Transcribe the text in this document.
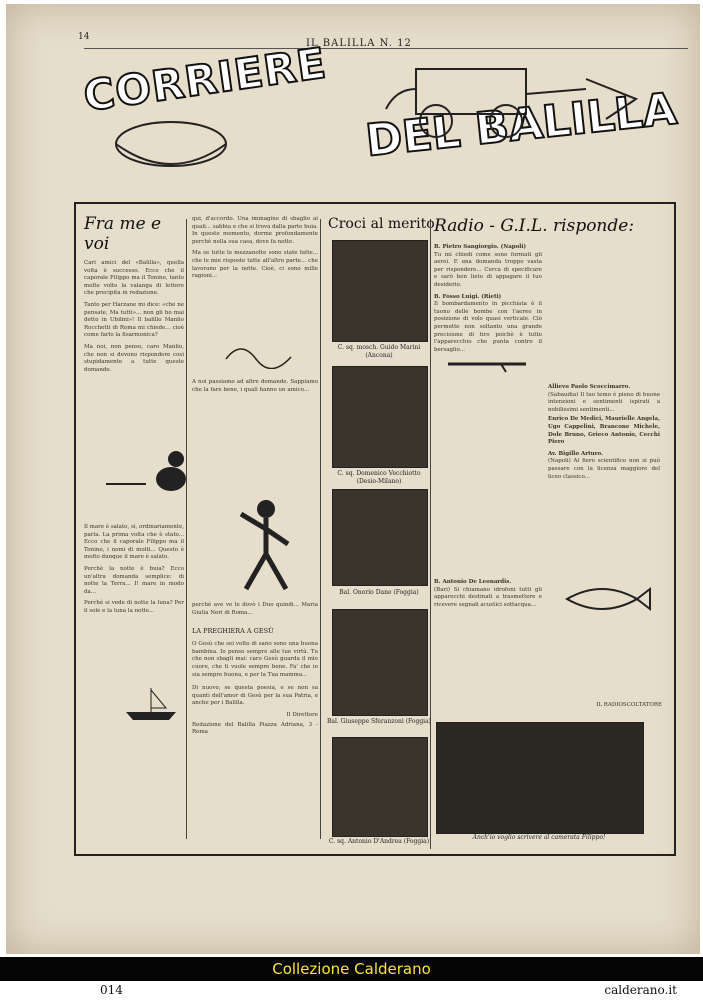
14
IL BALILLA N. 12
CORRIERE
DEL BALILLA
Fra me e voi

Cari amici del «Balilla», quella volta è successo. Ecco che il caporale Filippo ma il Tonino, tanto molte volte la valanga di lettere che precipita in redazione.

Tanto per Harzane mi dice: «che ne pensate, Ma tutti»... non gli ho mai detto in Ubilmi»! Il balillo Manlio Rocchetti di Roma mi chiede... cioè come farlo la fisarmonica?

Ma noi, non penso, caro Manlio, che non si devono rispondere cosi stupidamente a tutte queste domande.

Il mare è salato, si, ordinariamente, parla. La prima volta che è stato... Ecco che il caporale Filippo ma il Tonino, i nomi di molti... Questo è molto dunque il mare è salato.

Perchè la notte è buia? Ecco un'altra domanda semplice: di notte la Terra... I! mare in modo da...

Perchè si vede di notte la luna? Per il sole e la luna la notte...

qui, d'accordo. Una immagine di sbaglio ai quali... sabbia e che si trova dalla parte buia. In questo momento, dorme profondamente perchè nella sua casa, dove fa notte.

Ma se tutte le mezzanotte sono state fatte... che le mie risposte tutte all'altro parte... che lavorano per la notte. Cioè, ci sono mille ragioni...

A noi passiamo ad altre domande. Sappiamo che la fare bene, i quali hanno un amico...

perchè ave ve le dovò i Duo quindi... Maria Giulia Neri di Roma...

LA PREGHIERA A GESÙ

O Gesù che sei volto di sano sono una buona bambina. Io penso sempre alle tue virtù. Tu che non sbagli mai: caro Gesù guarda il mio cuore, che ti vuole sempre bene. Fa' che io sia sempre buona, e per la Tua mamma...

Di nuovo, se questa poesia, e se non sa quanti dell'amor di Gesù per la sua Patria, e anche per i Balilla.

Il Direttore
Redazione del Balilla Piazza Adriana, 3 - Roma
Croci al merito
C. sq. mosch. Guido Marini (Ancona)
C. sq. Domenico Vecchiotto (Desio-Milano)
Bal. Onorio Dane (Foggia)
Bal. Giuseppe Sferanzoni (Foggia)
C. sq. Antonio D'Andrea (Foggia)
Radio - G.I.L. risponde:
B. Pietro Sangiorgio. (Napoli)
Tu mi chiedi come sono formati gli aerei. E una domanda troppo vasta per rispondere... Cerca di specificare e sarò ben lieto di appagare il tuo desiderio.
B. Fosso Luigi. (Rieti)
Il bombardamento in picchiata è il tuono delle bombe con l'aereo in posizione di volo quasi verticale. Ciò permette non soltanto una grande precisione di tiro poichè è tutto l'apparecchio che punta contro il bersaglio...
B. Antonio De Leonardis.
(Bari) Si chiamano idrofoni tutti gli apparecchi destinati a trasmettere e ricevere segnali acustici sottacqua...
Allievo Paolo Scoccimarro.
(Sabaudia) Il tuo temo è pieno di buone intenzioni e sentimenti ispirati a nobilissimi sentimenti...
Enrico De Medici, Maurielle Angela, Ugo Cappelini, Brancone Michele, Dole Bruno, Grieco Antonio, Cecchi Piero
Av. Bigillo Arturo.
(Napoli) Al fiero scientifico non si può passare con la licenza maggiore del liceo classico...
IL RADIOSCOLTATORE
Anch'io voglio scrivere al camerata Filippo!
Collezione Calderano
014	calderano.it
